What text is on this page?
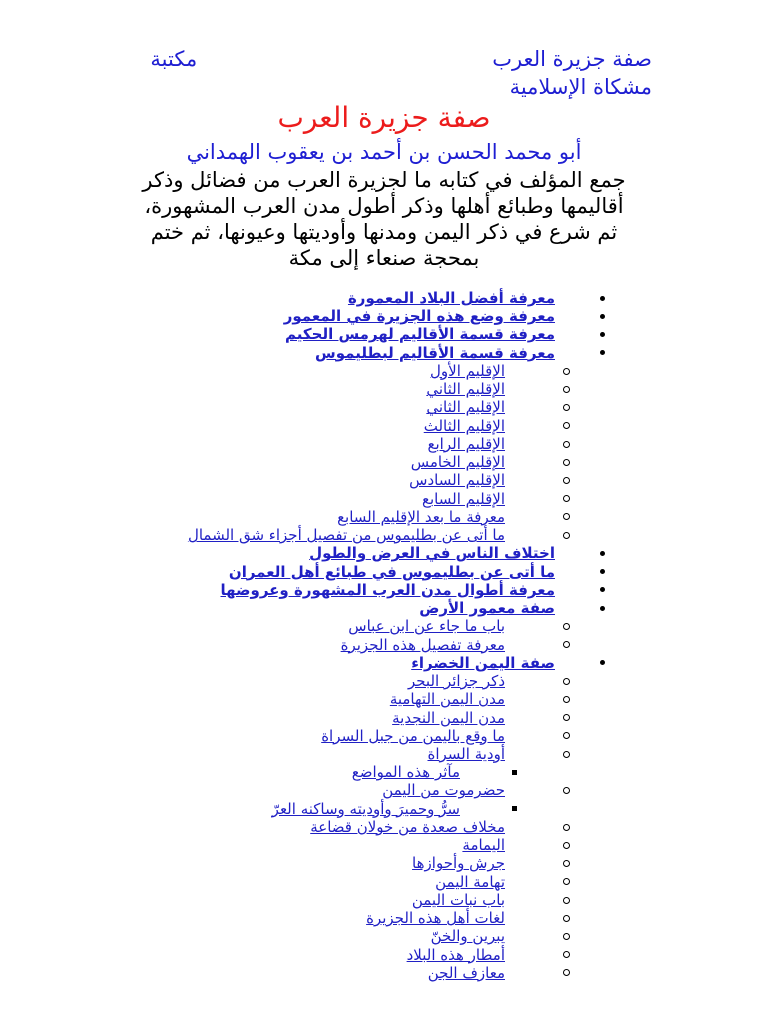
صفة جزيرة العربمكتبة مشكاة الإسلامية
صفة جزيرة العرب
أبو محمد الحسن بن أحمد بن يعقوب الهمداني
جمع المؤلف في كتابه ما لجزيرة العرب من فضائل وذكر
أقاليمها وطبائع أهلها وذكر أطول مدن العرب المشهورة،
ثم شرع في ذكر اليمن ومدنها وأوديتها وعيونها، ثم ختم
بمحجة صنعاء إلى مكة
معرفة أفضل البلاد المعمورة
معرفة وضع هذه الجزيرة في المعمور
معرفة قسمة الأقاليم لهرمس الحكيم
معرفة قسمة الأقاليم لبطليموس
الإقليم الأول
الإقليم الثاني
الإقليم الثاني
الإقليم الثالث
الإقليم الرابع
الإقليم الخامس
الإقليم السادس
الإقليم السابع
معرفة ما بعد الإقليم السابع
ما أتى عن بطليموس من تفصيل أجزاء شق الشمال
اختلاف الناس في العرض والطول
ما أتى عن بطليموس في طبائع أهل العمران
معرفة أطوال مدن العرب المشهورة وعروضها
صفة معمور الأرض
باب ما جاء عن ابن عباس
معرفة تفصيل هذه الجزيرة
صفة اليمن الخضراء
ذكر جزائر البحر
مدن اليمن التهامية
مدن اليمن النجدية
ما وقع باليمن من جبل السراة
أودية السراة
مآثر هذه المواضع
حضرموت من اليمن
سرُّ وحميرَ وأوديته وساكنه العرّ
مخلاف صعدة من خولان قضاعة
اليمامة
جرش وأحوازها
تهامة اليمن
باب نبات اليمن
لغات أهل هذه الجزيرة
يبرين والخنّ
أمطار هذه البلاد
معازف الجن
